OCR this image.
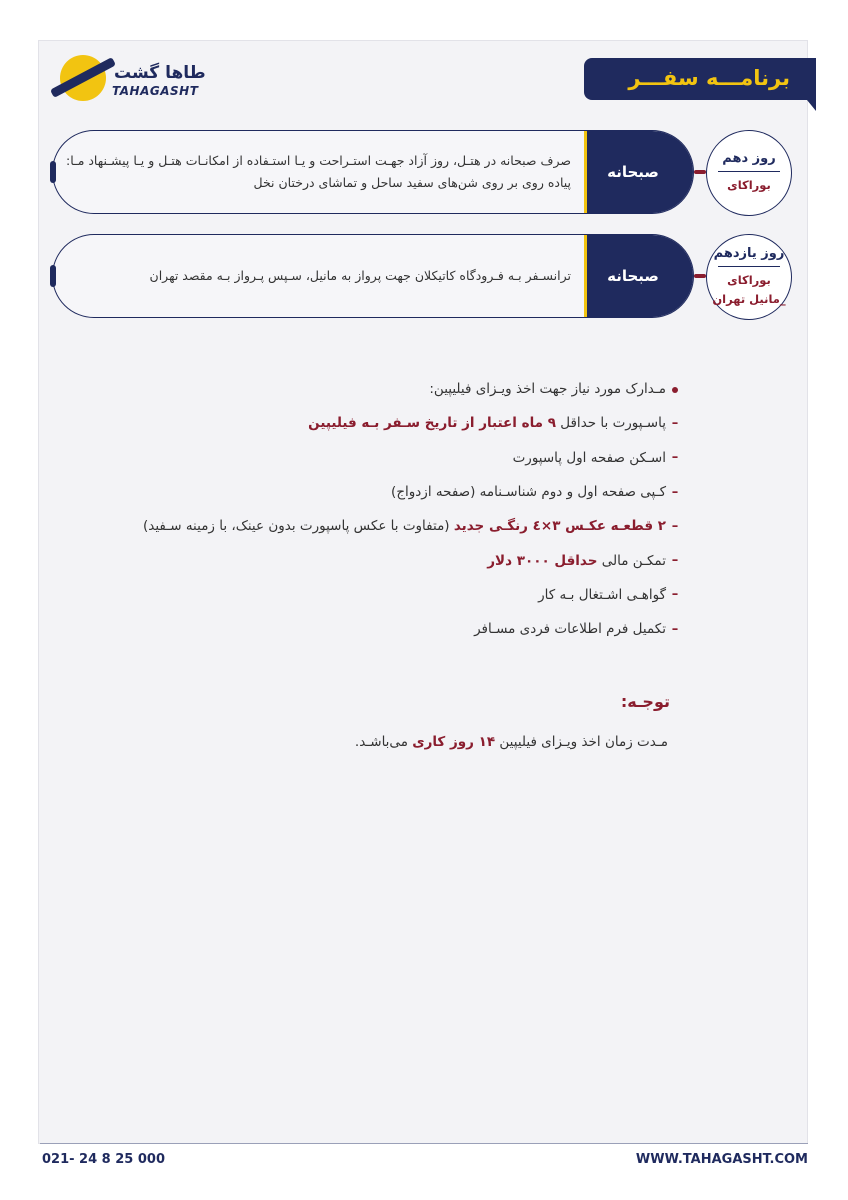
طاها گشت
TAHAGASHT
برنامـــه سفـــر
صرف صبحانه در هتـل، روز آزاد جهـت استـراحت و یـا استـفاده از امکانـات هتـل و یـا پیشـنهاد مـا: پیاده روی بر روی شن‌های سفید ساحل و تماشای درختان نخل
صبحانه
روز دهم
بوراکای
ترانسـفر بـه فـرودگاه کاتیکلان جهت پرواز به مانیل، سـپس پـرواز بـه مقصد تهران صبحانه
روز یازدهم
بوراکای _مانیل تهران
مـدارک مورد نیاز جهت اخذ ویـزای فیلیپین:
–
پاسـپورت با حداقل ۹ ماه اعتبار از تاریخ سـفر بـه فیلیپین
–
اسـکن صفحه اول پاسپورت
–
کـپی صفحه اول و دوم شناسـنامه (صفحه ازدواج)
–
۲ قطعـه عکـس ۳×٤ رنگـی جدید (متفاوت با عکس پاسپورت بدون عینک، با زمینه سـفید)
–
تمکـن مالی حداقل ۳۰۰۰ دلار
–
گواهـی اشـتغال بـه کار
–
تکمیل فرم اطلاعات فردی مسـافر
توجـه:
مـدت زمان اخذ ویـزای فیلیپین ۱۴ روز کاری می‌باشـد.
021- 24 8 25 000	WWW.TAHAGASHT.COM
